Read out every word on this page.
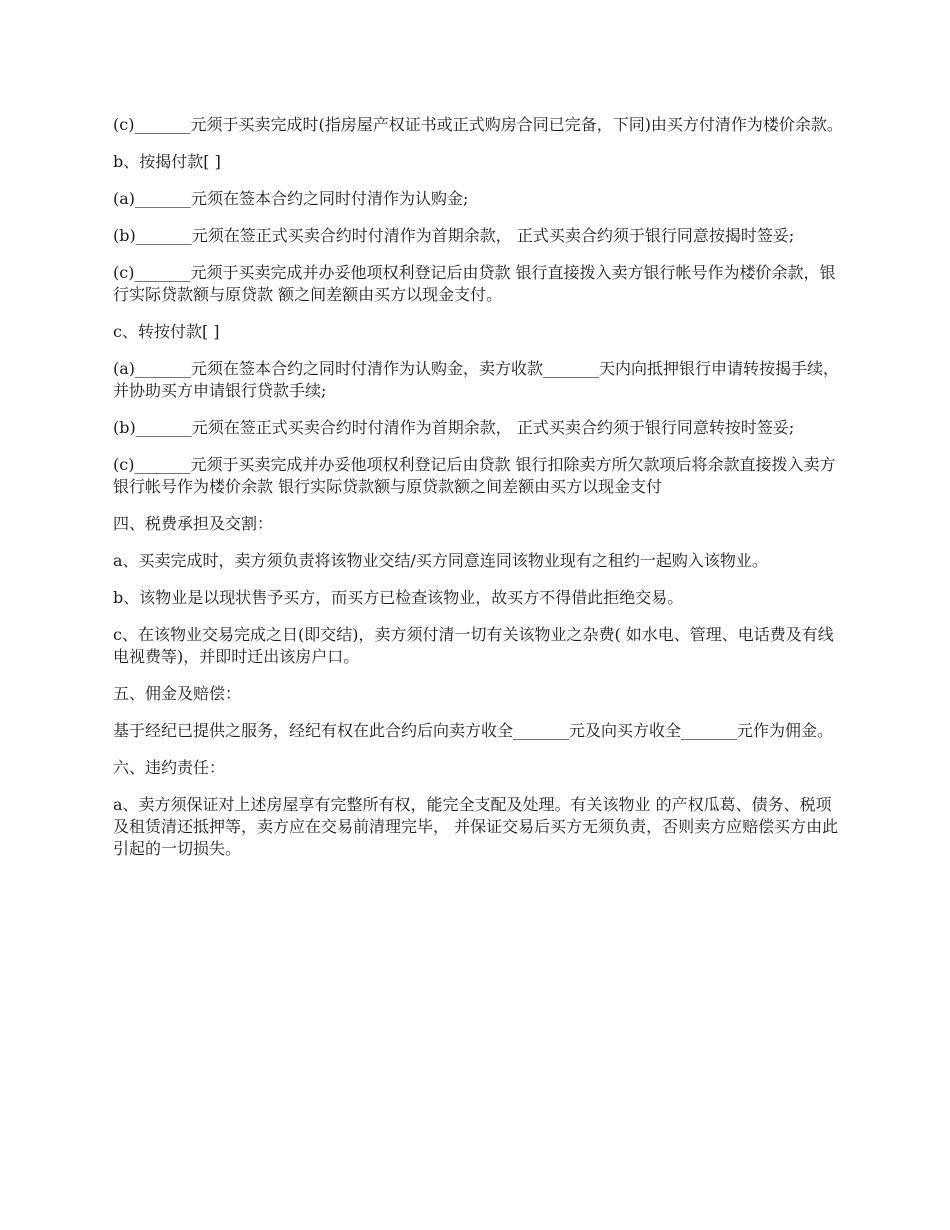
(c)_______元须于买卖完成时(指房屋产权证书或正式购房合同已完备，下同)由买方付清作为楼价余款。

b、按揭付款[ ]

(a)_______元须在签本合约之同时付清作为认购金;

(b)_______元须在签正式买卖合约时付清作为首期余款， 正式买卖合约须于银行同意按揭时签妥;

(c)_______元须于买卖完成并办妥他项权利登记后由贷款 银行直接拨入卖方银行帐号作为楼价余款，银行实际贷款额与原贷款 额之间差额由买方以现金支付。

c、转按付款[ ]

(a)_______元须在签本合约之同时付清作为认购金，卖方收款_______天内向抵押银行申请转按揭手续，并协助买方申请银行贷款手续;

(b)_______元须在签正式买卖合约时付清作为首期余款， 正式买卖合约须于银行同意转按时签妥;

(c)_______元须于买卖完成并办妥他项权利登记后由贷款 银行扣除卖方所欠款项后将余款直接拨入卖方银行帐号作为楼价余款 银行实际贷款额与原贷款额之间差额由买方以现金支付

四、税费承担及交割：

a、买卖完成时，卖方须负责将该物业交结/买方同意连同该物业现有之租约一起购入该物业。

b、该物业是以现状售予买方，而买方已检查该物业，故买方不得借此拒绝交易。

c、在该物业交易完成之日(即交结)，卖方须付清一切有关该物业之杂费( 如水电、管理、电话费及有线电视费等)，并即时迁出该房户口。

五、佣金及赔偿：

基于经纪已提供之服务，经纪有权在此合约后向卖方收全_______元及向买方收全_______元作为佣金。

六、违约责任：

a、卖方须保证对上述房屋享有完整所有权，能完全支配及处理。有关该物业 的产权瓜葛、债务、税项及租赁清还抵押等，卖方应在交易前清理完毕， 并保证交易后买方无须负责，否则卖方应赔偿买方由此引起的一切损失。
